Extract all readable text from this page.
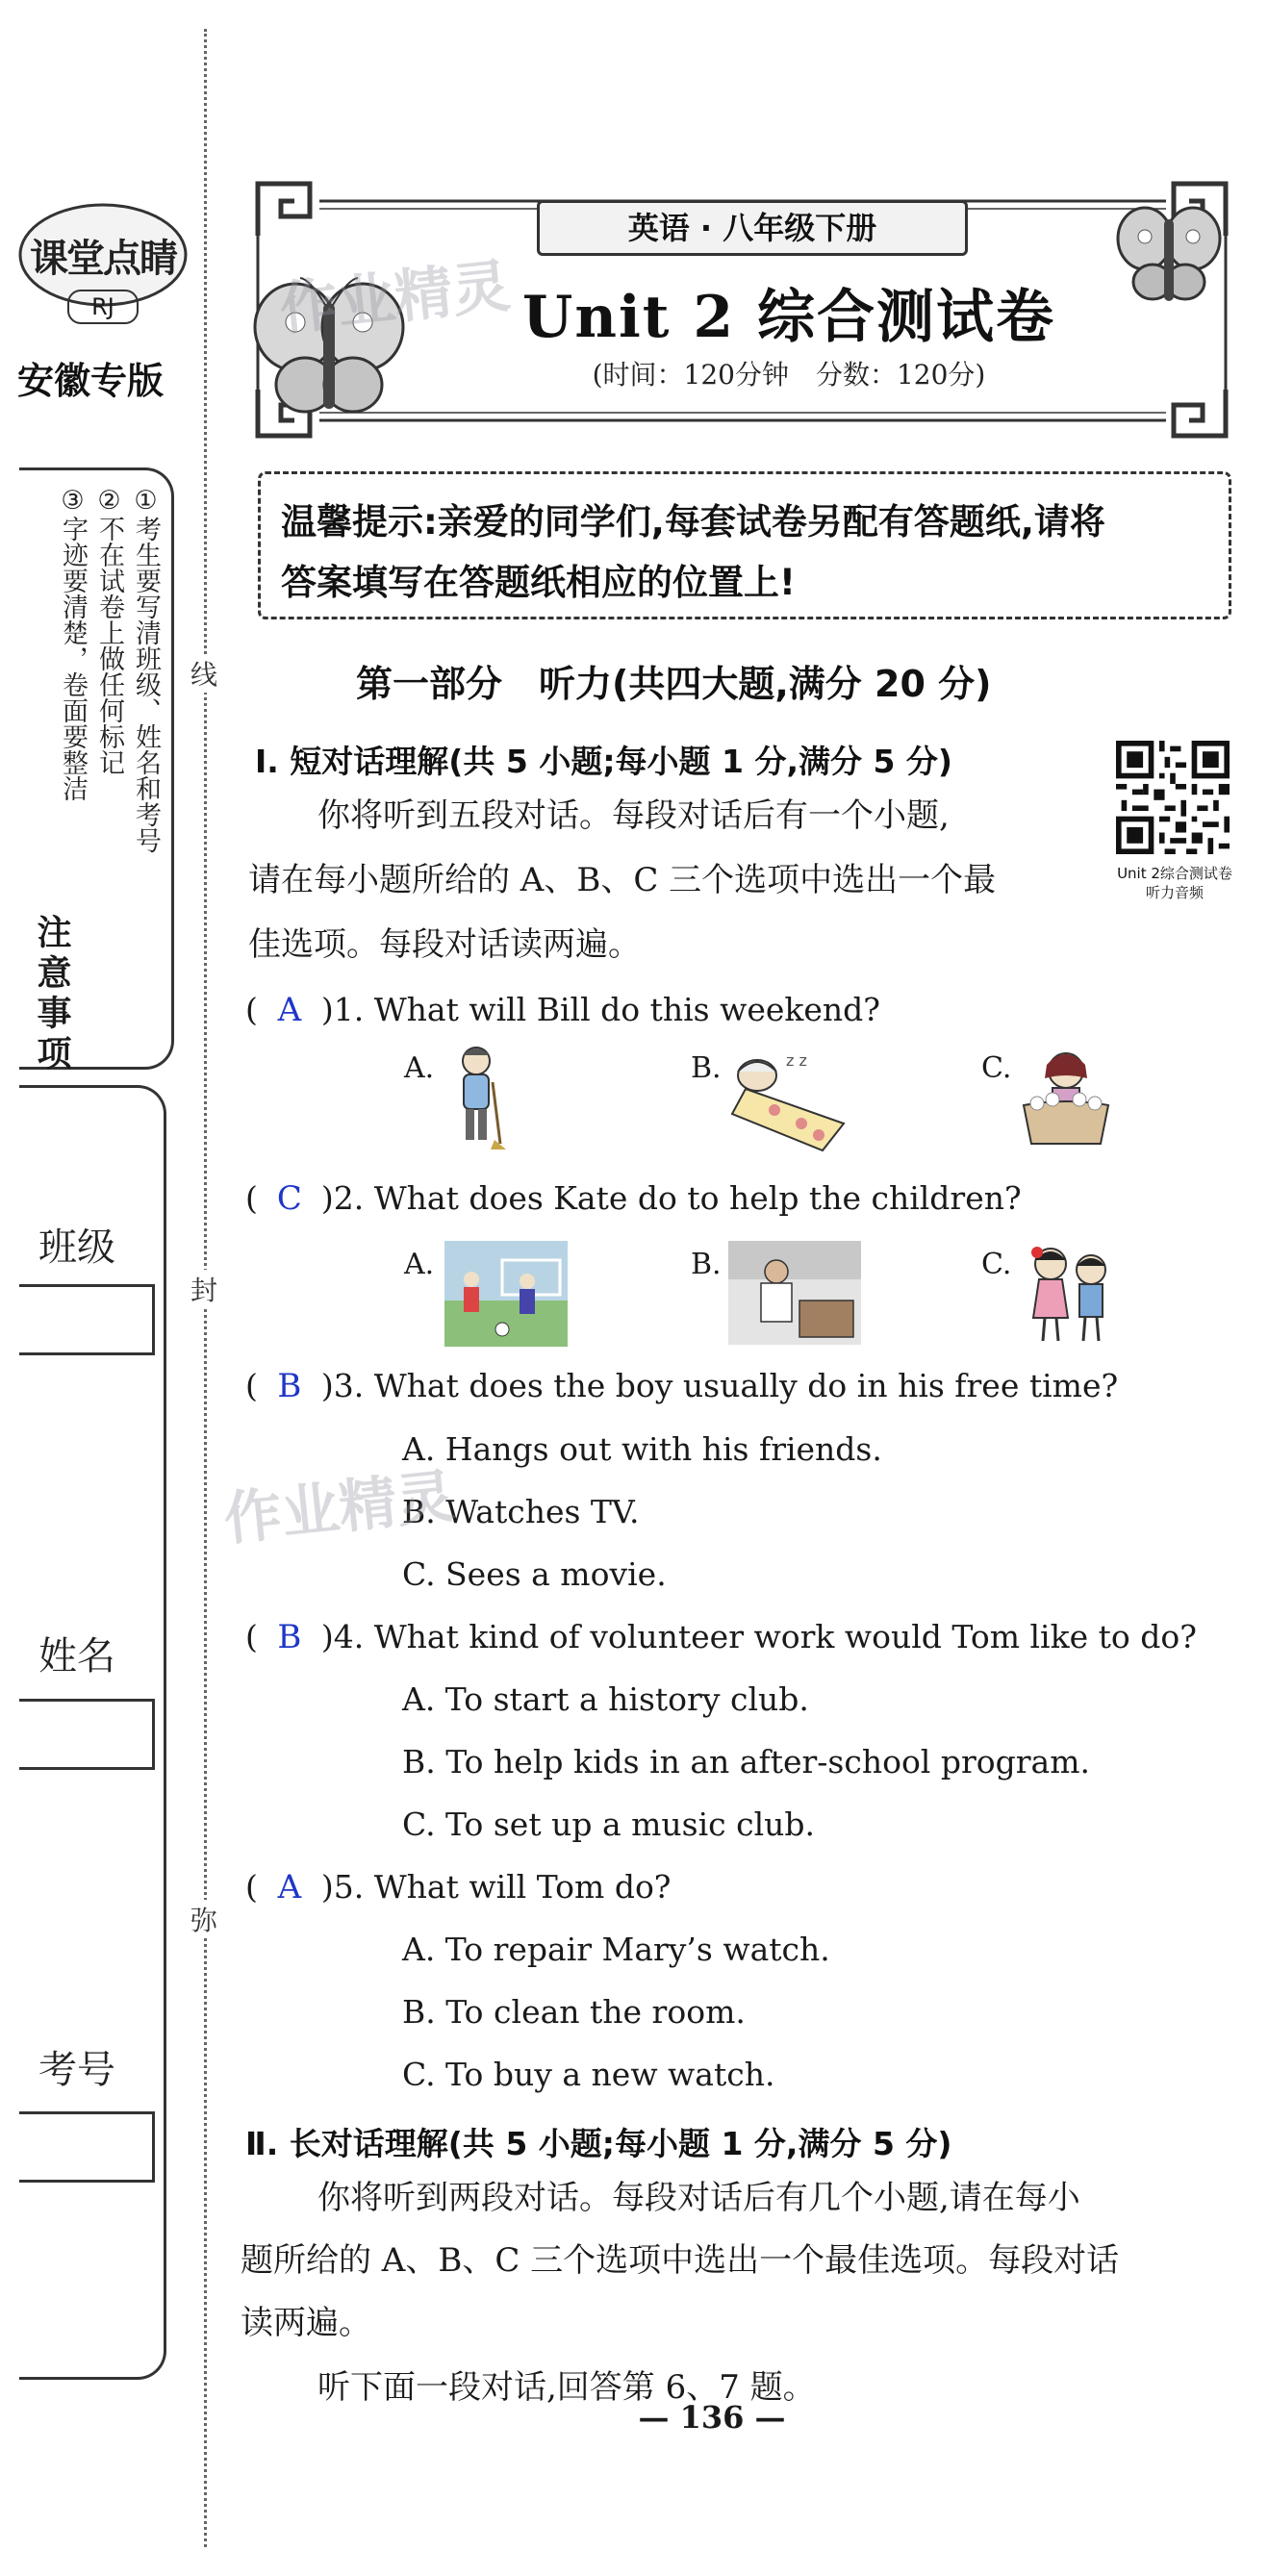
线
封
弥
课堂点睛
RJ
安徽专版
①考生要写清班级、姓名和考号
②不在试卷上做任何标记
③字迹要清楚，卷面要整洁
注意事项
班级
姓名
考号
英语 · 八年级下册
Unit 2 综合测试卷
(时间：120分钟　分数：120分)
温馨提示:亲爱的同学们,每套试卷另配有答题纸,请将
答案填写在答题纸相应的位置上!
第一部分　听力(共四大题,满分 20 分)
Ⅰ. 短对话理解(共 5 小题;每小题 1 分,满分 5 分)
Unit 2综合测试卷
听力音频
你将听到五段对话。每段对话后有一个小题,
请在每小题所给的 A、B、C 三个选项中选出一个最
佳选项。每段对话读两遍。
( A )1. What will Bill do this weekend?
A.	B.	z z	C.
( C )2. What does Kate do to help the children?
A.	B.	C.
( B )3. What does the boy usually do in his free time?
A. Hangs out with his friends.
B. Watches TV.
C. Sees a movie.
( B )4. What kind of volunteer work would Tom like to do?
A. To start a history club.
B. To help kids in an after-school program.
C. To set up a music club.
( A )5. What will Tom do?
A. To repair Mary’s watch.
B. To clean the room.
C. To buy a new watch.
Ⅱ. 长对话理解(共 5 小题;每小题 1 分,满分 5 分)
你将听到两段对话。每段对话后有几个小题,请在每小
题所给的 A、B、C 三个选项中选出一个最佳选项。每段对话
读两遍。
听下面一段对话,回答第 6、7 题。
— 136 —
作业精灵
作业精灵
